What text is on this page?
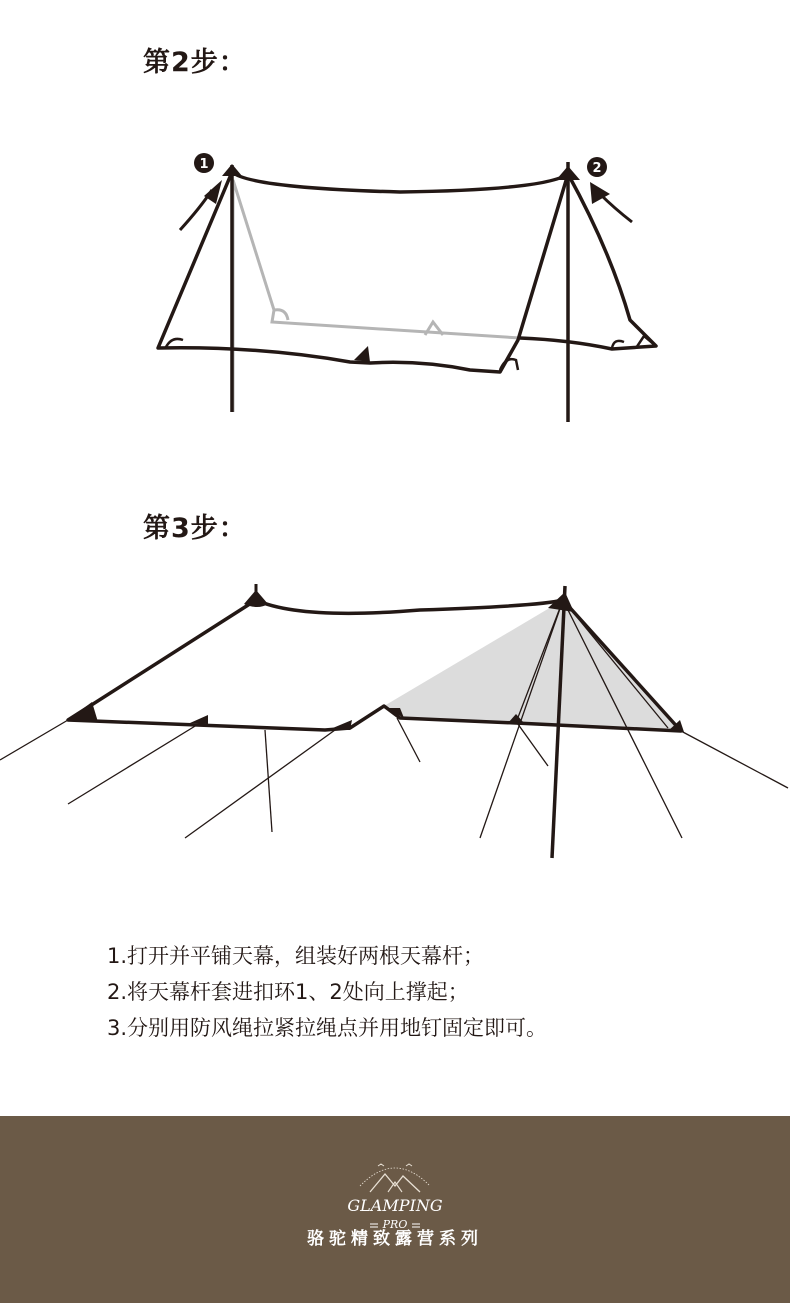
第2步：
1	2
第3步：
1.打开并平铺天幕，组装好两根天幕杆；
2.将天幕杆套进扣环1、2处向上撑起；
3.分别用防风绳拉紧拉绳点并用地钉固定即可。
GLAMPING
PRO
骆驼精致露营系列
